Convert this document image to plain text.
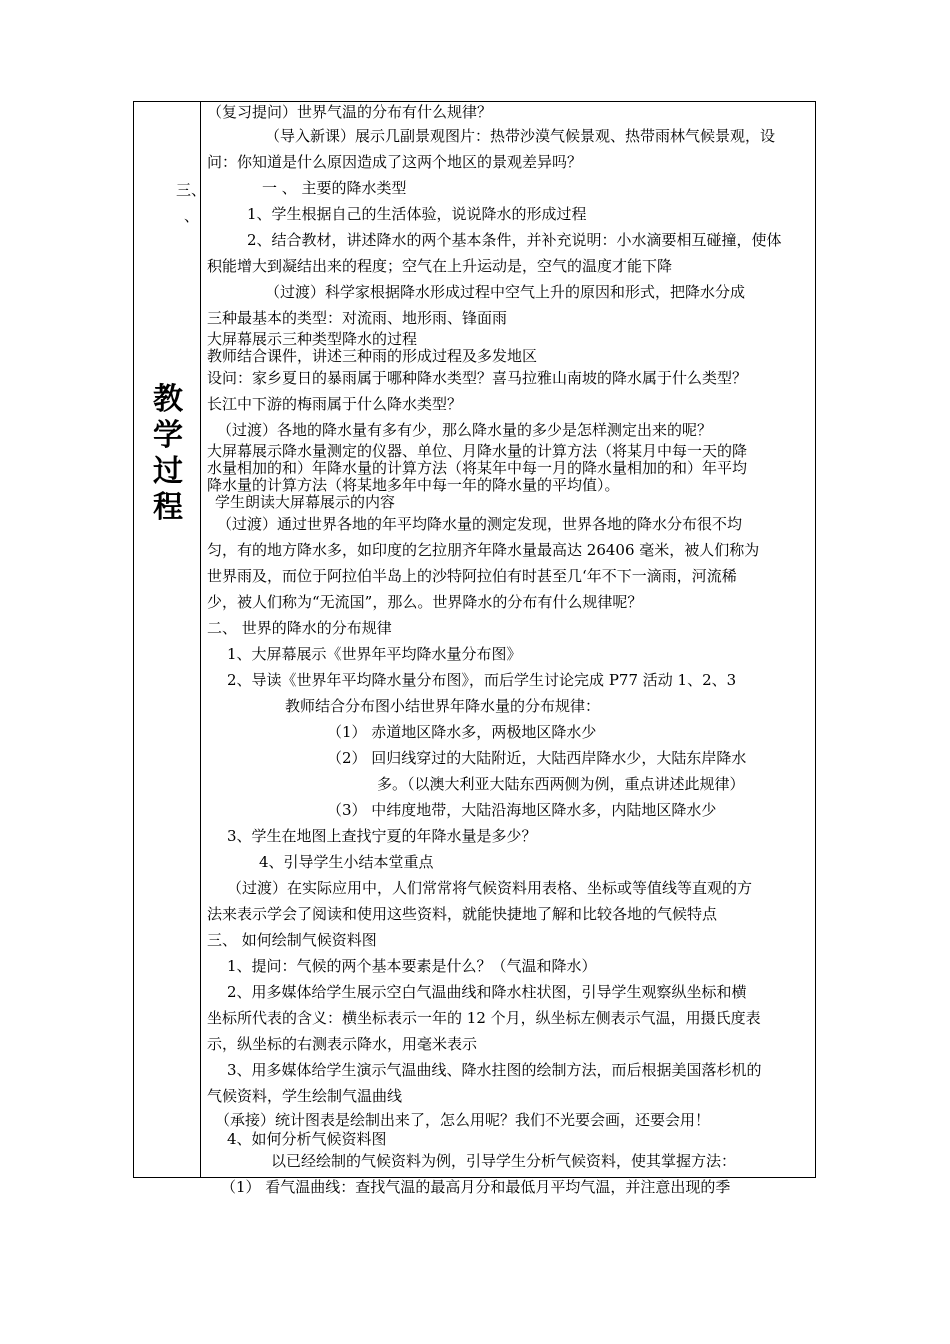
教
学
过
程
三、
、
（复习提问）世界气温的分布有什么规律？
（导入新课）展示几副景观图片：热带沙漠气候景观、热带雨林气候景观，设
问：你知道是什么原因造成了这两个地区的景观差异吗？
一 、 主要的降水类型
1、学生根据自己的生活体验，说说降水的形成过程
2、结合教材，讲述降水的两个基本条件，并补充说明：小水滴要相互碰撞，使体
积能增大到凝结出来的程度；空气在上升运动是，空气的温度才能下降
（过渡）科学家根据降水形成过程中空气上升的原因和形式，把降水分成
三种最基本的类型：对流雨、地形雨、锋面雨
大屏幕展示三种类型降水的过程
教师结合课件，讲述三种雨的形成过程及多发地区
设问：家乡夏日的暴雨属于哪种降水类型？喜马拉雅山南坡的降水属于什么类型？
长江中下游的梅雨属于什么降水类型？
（过渡）各地的降水量有多有少，那么降水量的多少是怎样测定出来的呢？
大屏幕展示降水量测定的仪器、单位、月降水量的计算方法（将某月中每一天的降
水量相加的和）年降水量的计算方法（将某年中每一月的降水量相加的和）年平均
降水量的计算方法（将某地多年中每一年的降水量的平均值）。
学生朗读大屏幕展示的内容
（过渡）通过世界各地的年平均降水量的测定发现，世界各地的降水分布很不均
匀，有的地方降水多，如印度的乞拉朋齐年降水量最高达 26406 毫米，被人们称为
世界雨及，而位于阿拉伯半岛上的沙特阿拉伯有时甚至几‘年不下一滴雨，河流稀
少，被人们称为“无流国”，那么。世界降水的分布有什么规律呢？
二、 世界的降水的分布规律
1、大屏幕展示《世界年平均降水量分布图》
2、导读《世界年平均降水量分布图》，而后学生讨论完成 P77 活动 1、2、3
教师结合分布图小结世界年降水量的分布规律：
（1） 赤道地区降水多，两极地区降水少
（2） 回归线穿过的大陆附近，大陆西岸降水少，大陆东岸降水
多。（以澳大利亚大陆东西两侧为例，重点讲述此规律）
（3） 中纬度地带，大陆沿海地区降水多，内陆地区降水少
3、学生在地图上查找宁夏的年降水量是多少？
4、引导学生小结本堂重点
（过渡）在实际应用中，人们常常将气候资料用表格、坐标或等值线等直观的方
法来表示学会了阅读和使用这些资料，就能快捷地了解和比较各地的气候特点
三、 如何绘制气候资料图
1、提问：气候的两个基本要素是什么？（气温和降水）
2、用多媒体给学生展示空白气温曲线和降水柱状图，引导学生观察纵坐标和横
坐标所代表的含义：横坐标表示一年的 12 个月，纵坐标左侧表示气温，用摄氏度表
示，纵坐标的右测表示降水，用毫米表示
3、用多媒体给学生演示气温曲线、降水拄图的绘制方法，而后根据美国落杉机的
气候资料，学生绘制气温曲线
（承接）统计图表是绘制出来了，怎么用呢？我们不光要会画，还要会用！
4、如何分析气候资料图
以已经绘制的气候资料为例，引导学生分析气候资料，使其掌握方法：
（1） 看气温曲线：查找气温的最高月分和最低月平均气温，并注意出现的季
